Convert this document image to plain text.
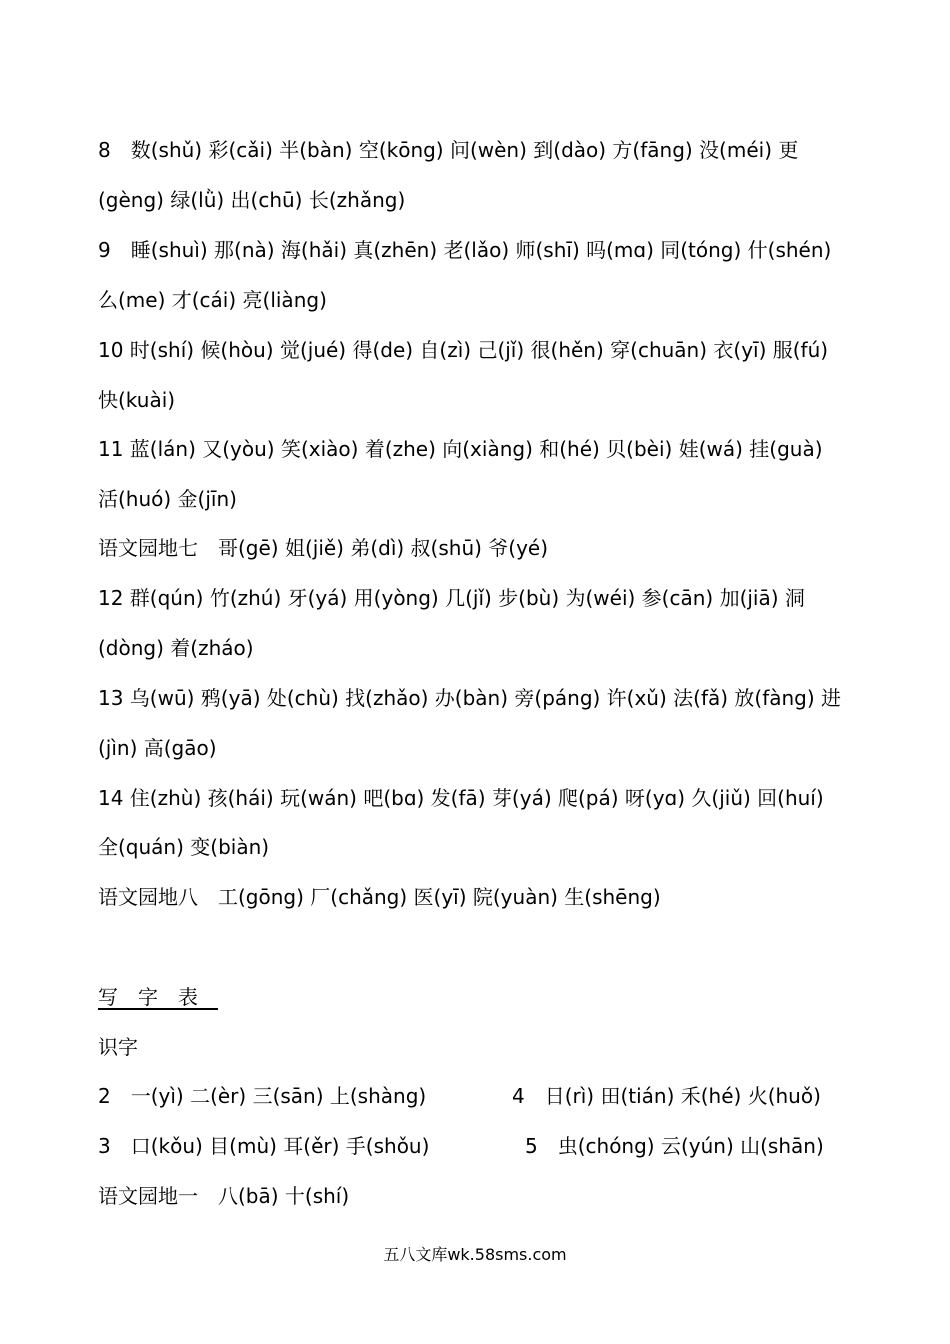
8 数(shǔ) 彩(cǎi) 半(bàn) 空(kōng) 问(wèn) 到(dào) 方(fāng) 没(méi) 更
(gèng) 绿(lǜ) 出(chū) 长(zhǎng)
9 睡(shuì) 那(nà) 海(hǎi) 真(zhēn) 老(lǎo) 师(shī) 吗(mɑ) 同(tóng) 什(shén)
么(me) 才(cái) 亮(liàng)
10 时(shí) 候(hòu) 觉(jué) 得(de) 自(zì) 己(jǐ) 很(hěn) 穿(chuān) 衣(yī) 服(fú)
快(kuài)
11 蓝(lán) 又(yòu) 笑(xiào) 着(zhe) 向(xiàng) 和(hé) 贝(bèi) 娃(wá) 挂(guà)
活(huó) 金(jīn)
语文园地七 哥(gē) 姐(jiě) 弟(dì) 叔(shū) 爷(yé)
12 群(qún) 竹(zhú) 牙(yá) 用(yòng) 几(jǐ) 步(bù) 为(wéi) 参(cān) 加(jiā) 洞
(dòng) 着(zháo)
13 乌(wū) 鸦(yā) 处(chù) 找(zhǎo) 办(bàn) 旁(páng) 许(xǔ) 法(fǎ) 放(fàng) 进
(jìn) 高(gāo)
14 住(zhù) 孩(hái) 玩(wán) 吧(bɑ) 发(fā) 芽(yá) 爬(pá) 呀(yɑ) 久(jiǔ) 回(huí)
全(quán) 变(biàn)
语文园地八 工(gōng) 厂(chǎng) 医(yī) 院(yuàn) 生(shēng)
写字表
识字
2 一(yì) 二(èr) 三(sān) 上(shàng)	4 日(rì) 田(tián) 禾(hé) 火(huǒ)
3 口(kǒu) 目(mù) 耳(ěr) 手(shǒu)	5 虫(chóng) 云(yún) 山(shān)
语文园地一 八(bā) 十(shí)
五八文库wk.58sms.com
